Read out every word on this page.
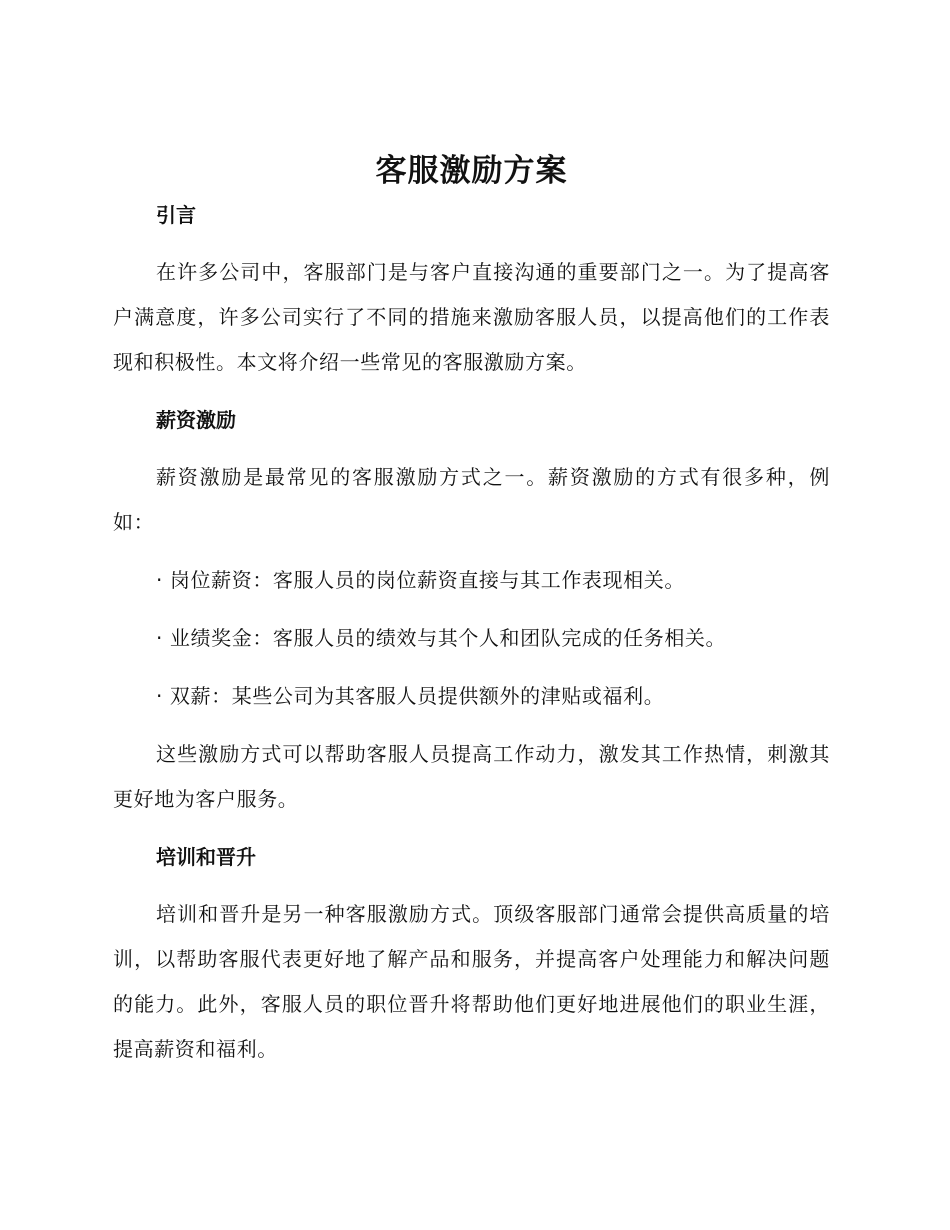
客服激励方案
引言

在许多公司中，客服部门是与客户直接沟通的重要部门之一。为了提高客户满意度，许多公司实行了不同的措施来激励客服人员，以提高他们的工作表现和积极性。本文将介绍一些常见的客服激励方案。

薪资激励

薪资激励是最常见的客服激励方式之一。薪资激励的方式有很多种，例如：

· 岗位薪资：客服人员的岗位薪资直接与其工作表现相关。

· 业绩奖金：客服人员的绩效与其个人和团队完成的任务相关。

· 双薪：某些公司为其客服人员提供额外的津贴或福利。

这些激励方式可以帮助客服人员提高工作动力，激发其工作热情，刺激其更好地为客户服务。

培训和晋升

培训和晋升是另一种客服激励方式。顶级客服部门通常会提供高质量的培训，以帮助客服代表更好地了解产品和服务，并提高客户处理能力和解决问题的能力。此外，客服人员的职位晋升将帮助他们更好地进展他们的职业生涯，提高薪资和福利。
